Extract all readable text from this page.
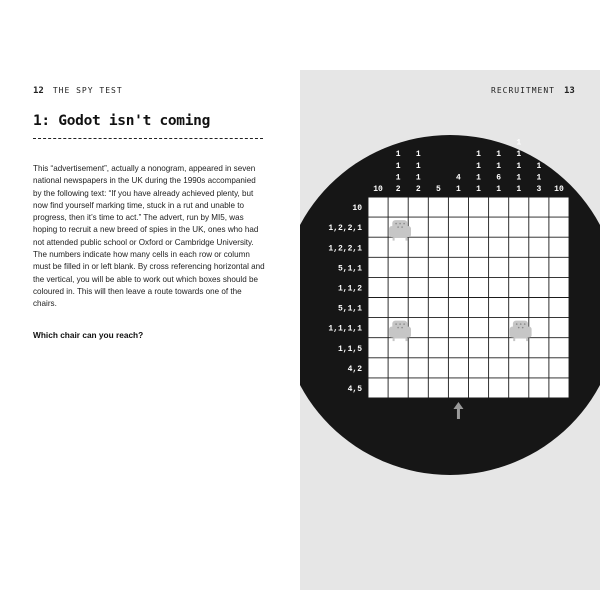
12 THE SPY TEST	RECRUITMENT 13
1: Godot isn't coming

This “advertisement”, actually a nonogram, appeared in seven national newspapers in the UK during the 1990s accompanied by the following text: “If you have already achieved plenty, but now find yourself marking time, stuck in a rut and unable to progress, then it’s time to act.” The advert, run by MI5, was hoping to recruit a new breed of spies in the UK, ones who had not attended public school or Oxford or Cambridge University. The numbers indicate how many cells in each row or column must be filled in or left blank. By cross referencing horizontal and the vertical, you will be able to work out which boxes should be coloured in. This will then leave a route towards one of the chairs.

Which chair can you reach?

10
1
1
1
2
1
1
1
2 5
4
1
1
1
1
1
1
1
6
1
1
1
1
1
1
1
1
3 10
10
1,2,2,1
1,2,2,1
5,1,1
1,1,2
5,1,1
1,1,1,1
1,1,5
4,2
4,5
